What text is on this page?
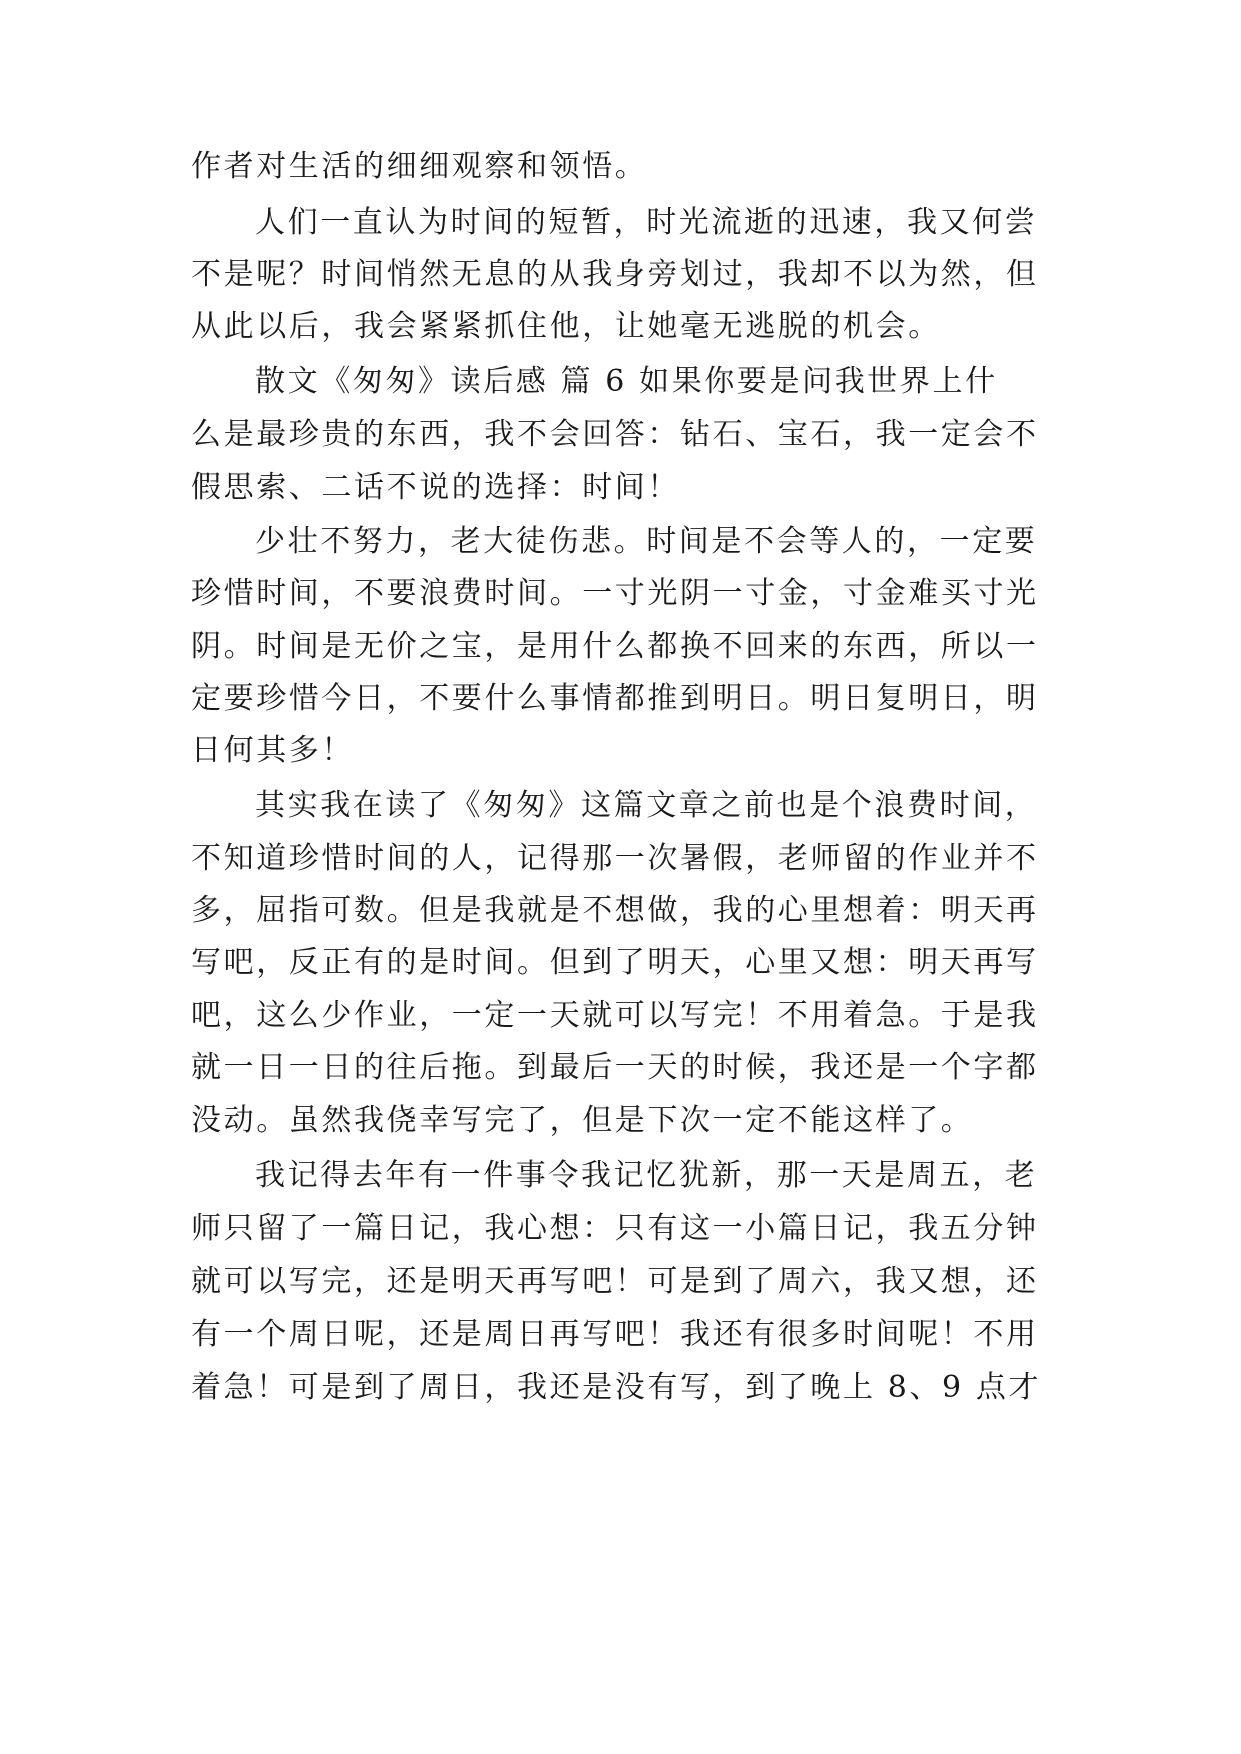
作者对生活的细细观察和领悟。
人们一直认为时间的短暂，时光流逝的迅速，我又何尝
不是呢？时间悄然无息的从我身旁划过，我却不以为然，但
从此以后，我会紧紧抓住他，让她毫无逃脱的机会。
散文《匆匆》读后感 篇 6 如果你要是问我世界上什
么是最珍贵的东西，我不会回答：钻石、宝石，我一定会不
假思索、二话不说的选择：时间！
少壮不努力，老大徒伤悲。时间是不会等人的，一定要
珍惜时间，不要浪费时间。一寸光阴一寸金，寸金难买寸光
阴。时间是无价之宝，是用什么都换不回来的东西，所以一
定要珍惜今日，不要什么事情都推到明日。明日复明日，明
日何其多！
其实我在读了《匆匆》这篇文章之前也是个浪费时间，
不知道珍惜时间的人，记得那一次暑假，老师留的作业并不
多，屈指可数。但是我就是不想做，我的心里想着：明天再
写吧，反正有的是时间。但到了明天，心里又想：明天再写
吧，这么少作业，一定一天就可以写完！不用着急。于是我
就一日一日的往后拖。到最后一天的时候，我还是一个字都
没动。虽然我侥幸写完了，但是下次一定不能这样了。
我记得去年有一件事令我记忆犹新，那一天是周五，老
师只留了一篇日记，我心想：只有这一小篇日记，我五分钟
就可以写完，还是明天再写吧！可是到了周六，我又想，还
有一个周日呢，还是周日再写吧！我还有很多时间呢！不用
着急！可是到了周日，我还是没有写，到了晚上 8、9 点才
